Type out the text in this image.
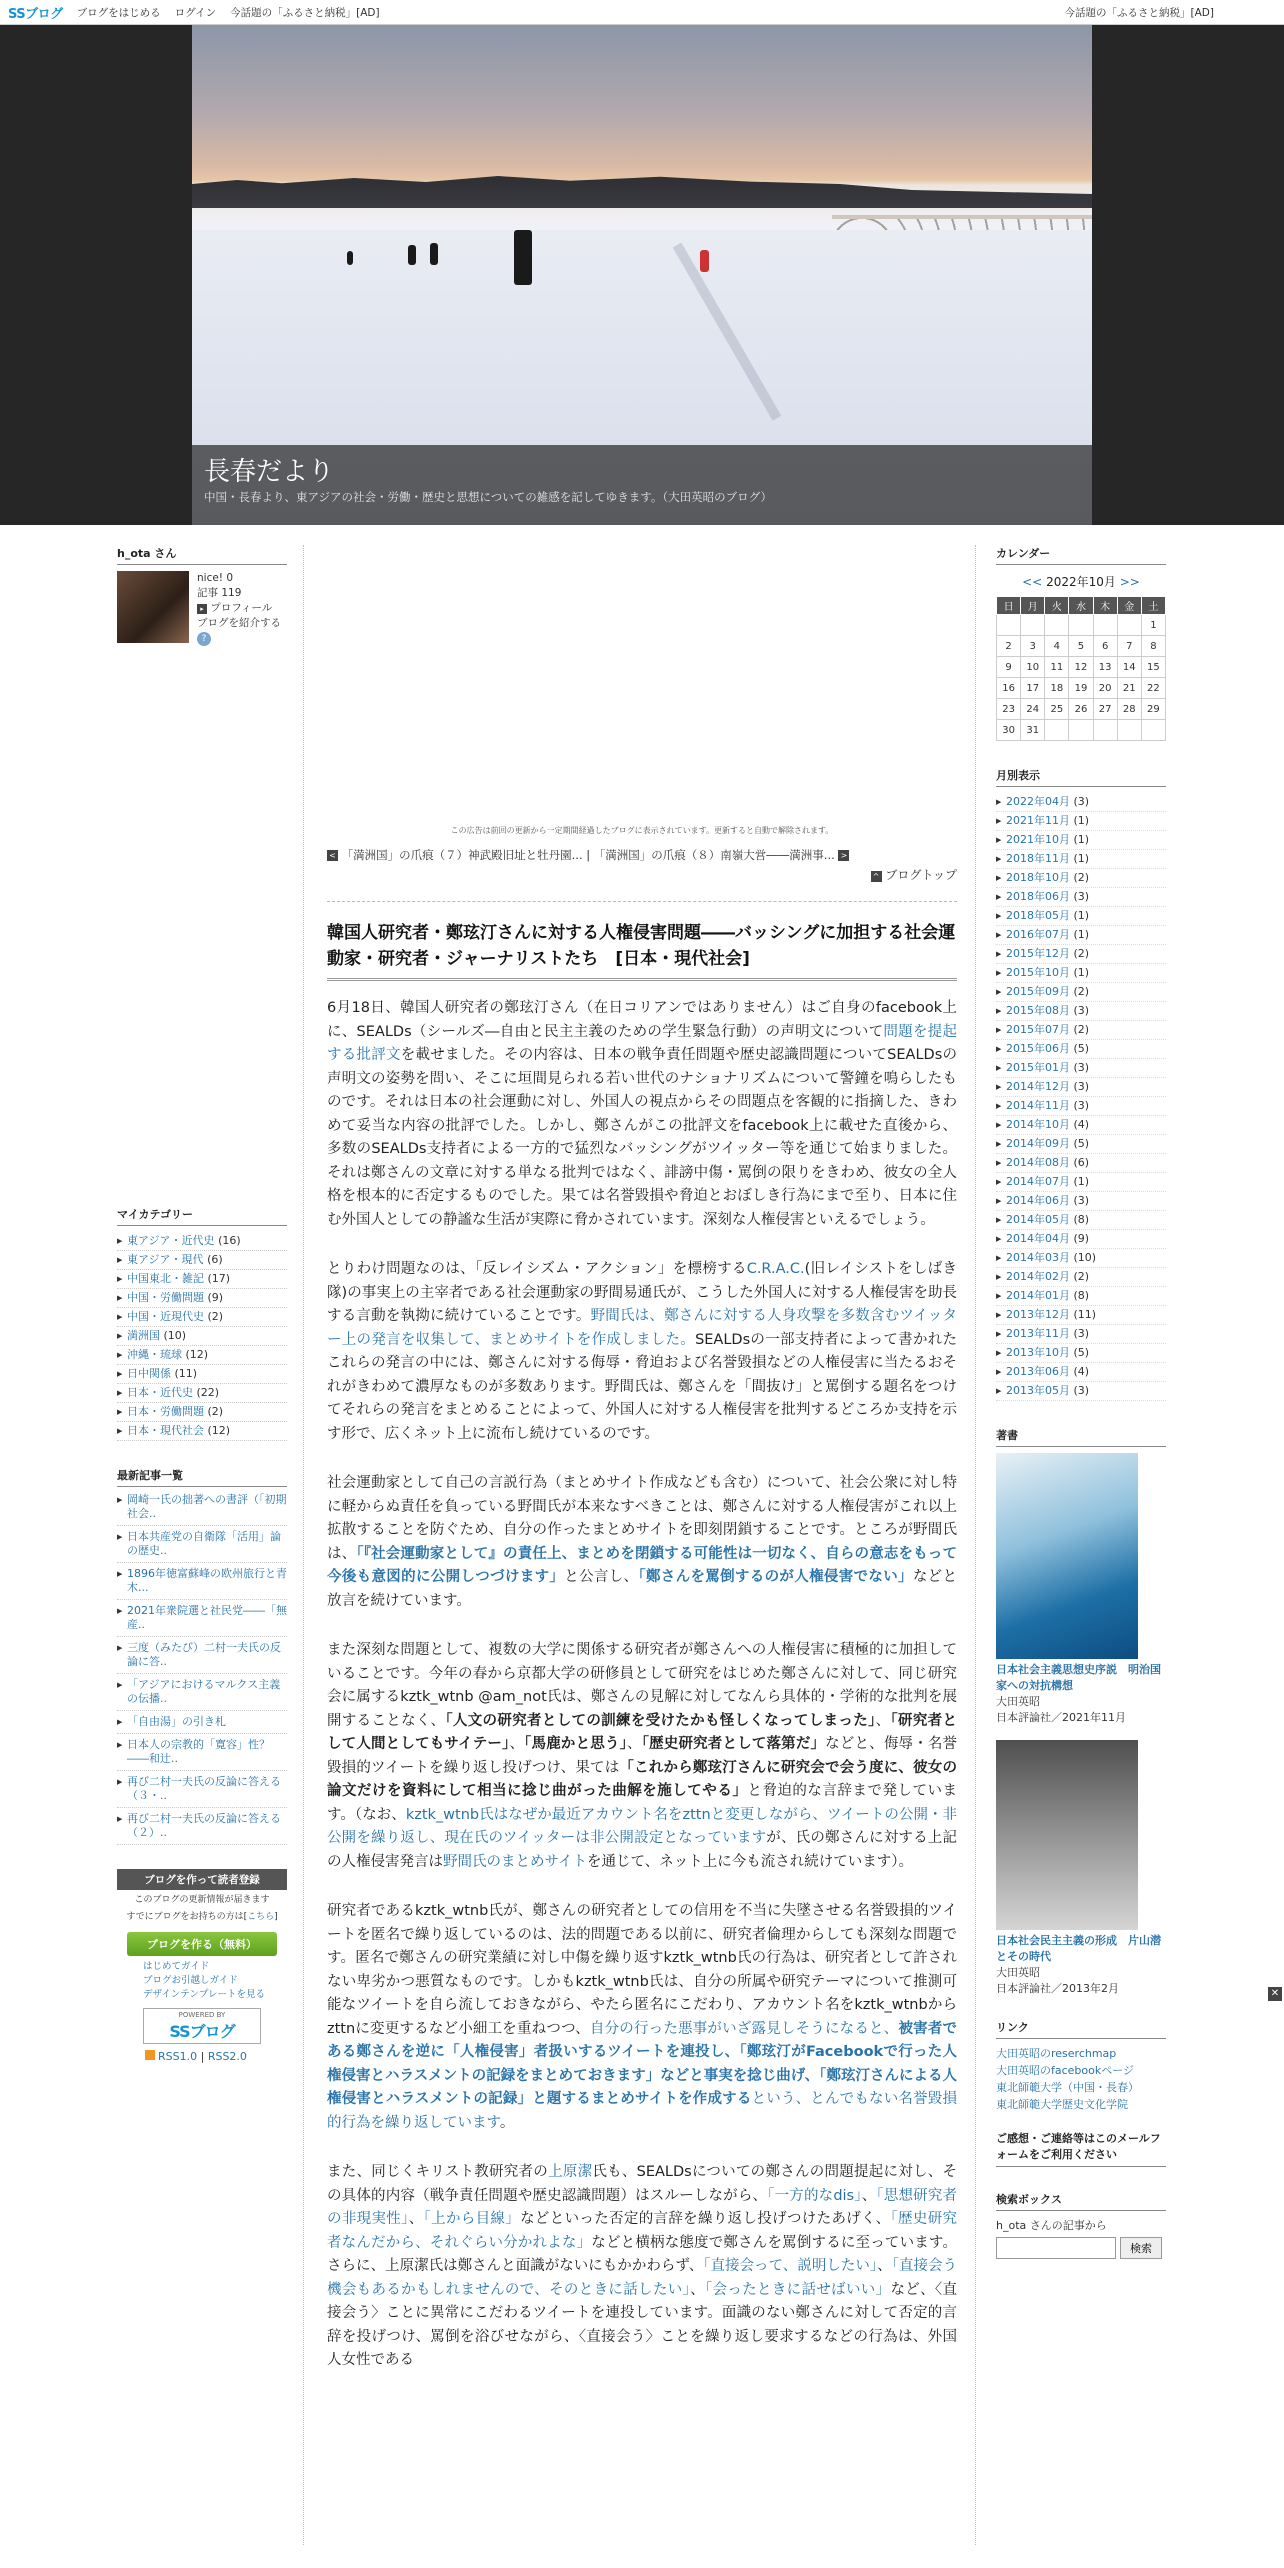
SSブログ ブログをはじめる ログイン 今話題の「ふるさと納税」[AD]	今話題の「ふるさと納税」[AD]
長春だより
中国・長春より、東アジアの社会・労働・歴史と思想についての雑感を記してゆきます。（大田英昭のブログ）
h_ota さん
nice! 0
記事 119
▸ プロフィール
ブログを紹介する
?
マイカテゴリー
▶ 東アジア・近代史 (16)
▶ 東アジア・現代 (6)
▶ 中国東北・雑記 (17)
▶ 中国・労働問題 (9)
▶ 中国・近現代史 (2)
▶ 満洲国 (10)
▶ 沖縄・琉球 (12)
▶ 日中関係 (11)
▶ 日本・近代史 (22)
▶ 日本・労働問題 (2)
▶ 日本・現代社会 (12)
最新記事一覧
▶ 岡崎一氏の拙著への書評（「初期社会..
▶ 日本共産党の自衛隊「活用」論の歴史..
▶ 1896年徳富蘇峰の欧州旅行と青木...
▶ 2021年衆院選と社民党――「無産..
▶ 三度（みたび）二村一夫氏の反論に答..
▶ 「アジアにおけるマルクス主義の伝播..
▶ 「自由湯」の引き札
▶ 日本人の宗教的「寛容」性？――和辻..
▶ 再び二村一夫氏の反論に答える（３・..
▶ 再び二村一夫氏の反論に答える（２）..
ブログを作って読者登録
このブログの更新情報が届きます
すでにブログをお持ちの方は[こちら]
ブログを作る（無料）
はじめてガイド
ブログお引越しガイド
デザインテンプレートを見る
POWERED BY
SSブログ
RSS1.0 | RSS2.0
この広告は前回の更新から一定期間経過したブログに表示されています。更新すると自動で解除されます。
< 「満洲国」の爪痕（７）神武殿旧址と牡丹園... | 「満洲国」の爪痕（８）南嶺大営――満洲事... >
^ ブログトップ
韓国人研究者・鄭玹汀さんに対する人権侵害問題――バッシングに加担する社会運動家・研究者・ジャーナリストたち　[日本・現代社会]

6月18日、韓国人研究者の鄭玹汀さん（在日コリアンではありません）はご自身のfacebook上に、SEALDs（シールズ―自由と民主主義のための学生緊急行動）の声明文について問題を提起する批評文を載せました。その内容は、日本の戦争責任問題や歴史認識問題についてSEALDsの声明文の姿勢を問い、そこに垣間見られる若い世代のナショナリズムについて警鐘を鳴らしたものです。それは日本の社会運動に対し、外国人の視点からその問題点を客観的に指摘した、きわめて妥当な内容の批評でした。しかし、鄭さんがこの批評文をfacebook上に載せた直後から、多数のSEALDs支持者による一方的で猛烈なバッシングがツイッター等を通じて始まりました。それは鄭さんの文章に対する単なる批判ではなく、誹謗中傷・罵倒の限りをきわめ、彼女の全人格を根本的に否定するものでした。果ては名誉毀損や脅迫とおぼしき行為にまで至り、日本に住む外国人としての静謐な生活が実際に脅かされています。深刻な人権侵害といえるでしょう。

とりわけ問題なのは、「反レイシズム・アクション」を標榜するC.R.A.C.(旧レイシストをしばき隊)の事実上の主宰者である社会運動家の野間易通氏が、こうした外国人に対する人権侵害を助長する言動を執拗に続けていることです。野間氏は、鄭さんに対する人身攻撃を多数含むツイッター上の発言を収集して、まとめサイトを作成しました。SEALDsの一部支持者によって書かれたこれらの発言の中には、鄭さんに対する侮辱・脅迫および名誉毀損などの人権侵害に当たるおそれがきわめて濃厚なものが多数あります。野間氏は、鄭さんを「間抜け」と罵倒する題名をつけてそれらの発言をまとめることによって、外国人に対する人権侵害を批判するどころか支持を示す形で、広くネット上に流布し続けているのです。

社会運動家として自己の言説行為（まとめサイト作成なども含む）について、社会公衆に対し特に軽からぬ責任を負っている野間氏が本来なすべきことは、鄭さんに対する人権侵害がこれ以上拡散することを防ぐため、自分の作ったまとめサイトを即刻閉鎖することです。ところが野間氏は、「『社会運動家として』の責任上、まとめを閉鎖する可能性は一切なく、自らの意志をもって今後も意図的に公開しつづけます」と公言し、「鄭さんを罵倒するのが人権侵害でない」などと放言を続けています。

また深刻な問題として、複数の大学に関係する研究者が鄭さんへの人権侵害に積極的に加担していることです。今年の春から京都大学の研修員として研究をはじめた鄭さんに対して、同じ研究会に属するkztk_wtnb @am_not氏は、鄭さんの見解に対してなんら具体的・学術的な批判を展開することなく、「人文の研究者としての訓練を受けたかも怪しくなってしまった」、「研究者として人間としてもサイテー」、「馬鹿かと思う」、「歴史研究者として落第だ」などと、侮辱・名誉毀損的ツイートを繰り返し投げつけ、果ては「これから鄭玹汀さんに研究会で会う度に、彼女の論文だけを資料にして相当に捻じ曲がった曲解を施してやる」と脅迫的な言辞まで発しています。（なお、kztk_wtnb氏はなぜか最近アカウント名をzttnと変更しながら、ツイートの公開・非公開を繰り返し、現在氏のツイッターは非公開設定となっていますが、氏の鄭さんに対する上記の人権侵害発言は野間氏のまとめサイトを通じて、ネット上に今も流され続けています）。

研究者であるkztk_wtnb氏が、鄭さんの研究者としての信用を不当に失墜させる名誉毀損的ツイートを匿名で繰り返しているのは、法的問題である以前に、研究者倫理からしても深刻な問題です。匿名で鄭さんの研究業績に対し中傷を繰り返すkztk_wtnb氏の行為は、研究者として許されない卑劣かつ悪質なものです。しかもkztk_wtnb氏は、自分の所属や研究テーマについて推測可能なツイートを自ら流しておきながら、やたら匿名にこだわり、アカウント名をkztk_wtnbからzttnに変更するなど小細工を重ねつつ、自分の行った悪事がいざ露見しそうになると、被害者である鄭さんを逆に「人権侵害」者扱いするツイートを連投し、「鄭玹汀がFacebookで行った人権侵害とハラスメントの記録をまとめておきます」などと事実を捻じ曲げ、「鄭玹汀さんによる人権侵害とハラスメントの記録」と題するまとめサイトを作成するという、とんでもない名誉毀損的行為を繰り返しています。

また、同じくキリスト教研究者の上原潔氏も、SEALDsについての鄭さんの問題提起に対し、その具体的内容（戦争責任問題や歴史認識問題）はスルーしながら、「一方的なdis」、「思想研究者の非現実性」、「上から目線」などといった否定的言辞を繰り返し投げつけたあげく、「歴史研究者なんだから、それぐらい分かれよな」などと横柄な態度で鄭さんを罵倒するに至っています。さらに、上原潔氏は鄭さんと面識がないにもかかわらず、「直接会って、説明したい」、「直接会う機会もあるかもしれませんので、そのときに話したい」、「会ったときに話せばいい」など、〈直接会う〉ことに異常にこだわるツイートを連投しています。面識のない鄭さんに対して否定的言辞を投げつけ、罵倒を浴びせながら、〈直接会う〉ことを繰り返し要求するなどの行為は、外国人女性である

カレンダー
<< 2022年10月 >>
日	月	火	水	木	金	土
						1
2	3	4	5	6	7	8
9	10	11	12	13	14	15
16	17	18	19	20	21	22
23	24	25	26	27	28	29
30	31					
月別表示
▶ 2022年04月 (3)
▶ 2021年11月 (1)
▶ 2021年10月 (1)
▶ 2018年11月 (1)
▶ 2018年10月 (2)
▶ 2018年06月 (3)
▶ 2018年05月 (1)
▶ 2016年07月 (1)
▶ 2015年12月 (2)
▶ 2015年10月 (1)
▶ 2015年09月 (2)
▶ 2015年08月 (3)
▶ 2015年07月 (2)
▶ 2015年06月 (5)
▶ 2015年01月 (3)
▶ 2014年12月 (3)
▶ 2014年11月 (3)
▶ 2014年10月 (4)
▶ 2014年09月 (5)
▶ 2014年08月 (6)
▶ 2014年07月 (1)
▶ 2014年06月 (3)
▶ 2014年05月 (8)
▶ 2014年04月 (9)
▶ 2014年03月 (10)
▶ 2014年02月 (2)
▶ 2014年01月 (8)
▶ 2013年12月 (11)
▶ 2013年11月 (3)
▶ 2013年10月 (5)
▶ 2013年06月 (4)
▶ 2013年05月 (3)
著書
日本社会主義思想史序説　明治国家への対抗構想
大田英昭
日本評論社／2021年11月
日本社会民主主義の形成　片山潜とその時代
大田英昭
日本評論社／2013年2月
リンク
大田英昭のreserchmap
大田英昭のfacebookページ
東北師範大学（中国・長春）
東北師範大学歴史文化学院
ご感想・ご連絡等はこのメールフォームをご利用ください
検索ボックス
h_ota さんの記事から
検索
✕
